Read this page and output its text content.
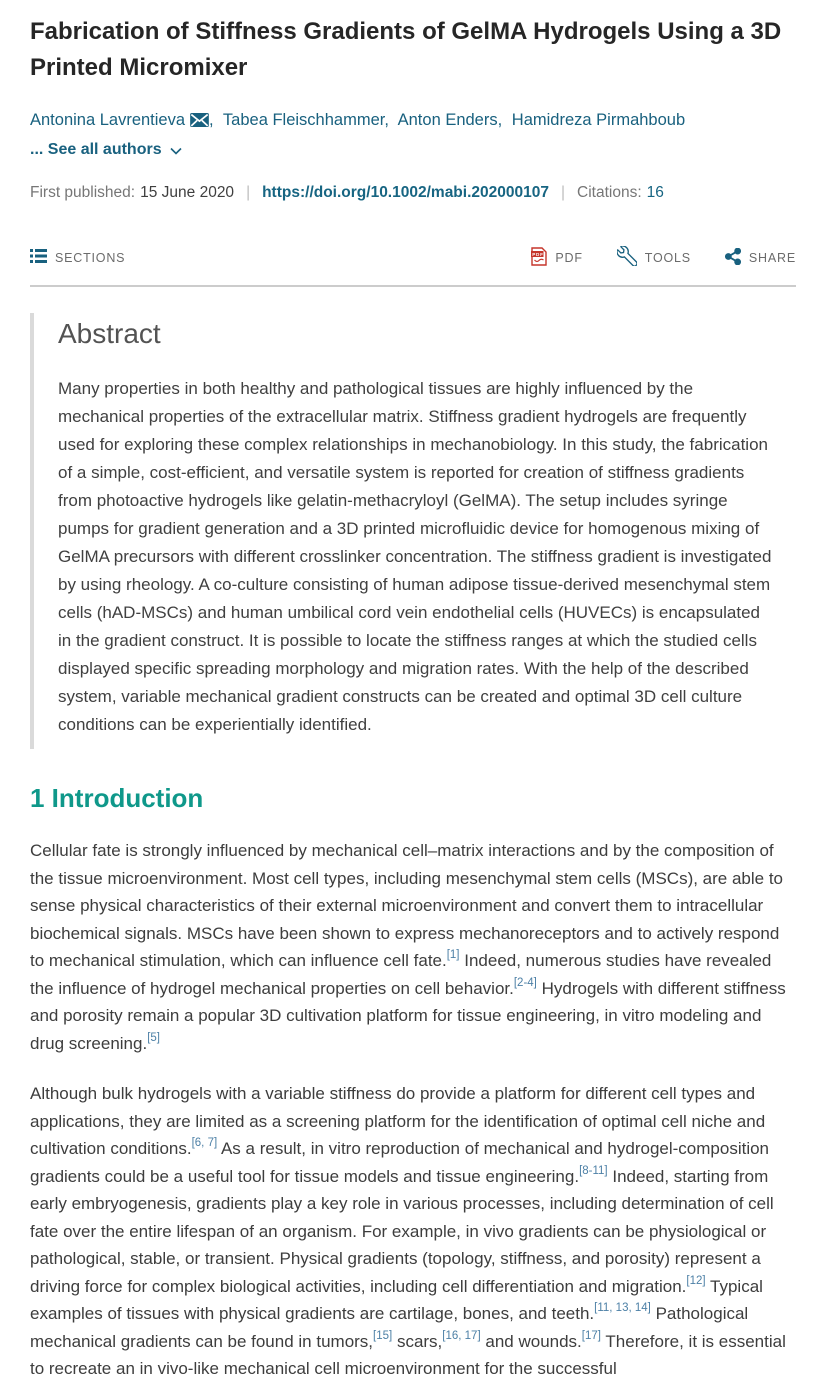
Fabrication of Stiffness Gradients of GelMA Hydrogels Using a 3D Printed Micromixer
Antonina Lavrentieva , Tabea Fleischhammer, Anton Enders, Hamidreza Pirmahboub
... See all authors
First published: 15 June 2020 | https://doi.org/10.1002/mabi.202000107 | Citations: 16
SECTIONS	PDF PDF	TOOLS	SHARE
Abstract

Many properties in both healthy and pathological tissues are highly influenced by the mechanical properties of the extracellular matrix. Stiffness gradient hydrogels are frequently used for exploring these complex relationships in mechanobiology. In this study, the fabrication of a simple, cost-efficient, and versatile system is reported for creation of stiffness gradients from photoactive hydrogels like gelatin-methacryloyl (GelMA). The setup includes syringe pumps for gradient generation and a 3D printed microfluidic device for homogenous mixing of GelMA precursors with different crosslinker concentration. The stiffness gradient is investigated by using rheology. A co-culture consisting of human adipose tissue-derived mesenchymal stem cells (hAD-MSCs) and human umbilical cord vein endothelial cells (HUVECs) is encapsulated in the gradient construct. It is possible to locate the stiffness ranges at which the studied cells displayed specific spreading morphology and migration rates. With the help of the described system, variable mechanical gradient constructs can be created and optimal 3D cell culture conditions can be experientially identified.

1 Introduction

Cellular fate is strongly influenced by mechanical cell–matrix interactions and by the composition of the tissue microenvironment. Most cell types, including mesenchymal stem cells (MSCs), are able to sense physical characteristics of their external microenvironment and convert them to intracellular biochemical signals. MSCs have been shown to express mechanoreceptors and to actively respond to mechanical stimulation, which can influence cell fate.[1] Indeed, numerous studies have revealed the influence of hydrogel mechanical properties on cell behavior.[2-4] Hydrogels with different stiffness and porosity remain a popular 3D cultivation platform for tissue engineering, in vitro modeling and drug screening.[5]

Although bulk hydrogels with a variable stiffness do provide a platform for different cell types and applications, they are limited as a screening platform for the identification of optimal cell niche and cultivation conditions.[6, 7] As a result, in vitro reproduction of mechanical and hydrogel-composition gradients could be a useful tool for tissue models and tissue engineering.[8-11] Indeed, starting from early embryogenesis, gradients play a key role in various processes, including determination of cell fate over the entire lifespan of an organism. For example, in vivo gradients can be physiological or pathological, stable, or transient. Physical gradients (topology, stiffness, and porosity) represent a driving force for complex biological activities, including cell differentiation and migration.[12] Typical examples of tissues with physical gradients are cartilage, bones, and teeth.[11, 13, 14] Pathological mechanical gradients can be found in tumors,[15] scars,[16, 17] and wounds.[17] Therefore, it is essential to recreate an in vivo-like mechanical cell microenvironment for the successful
